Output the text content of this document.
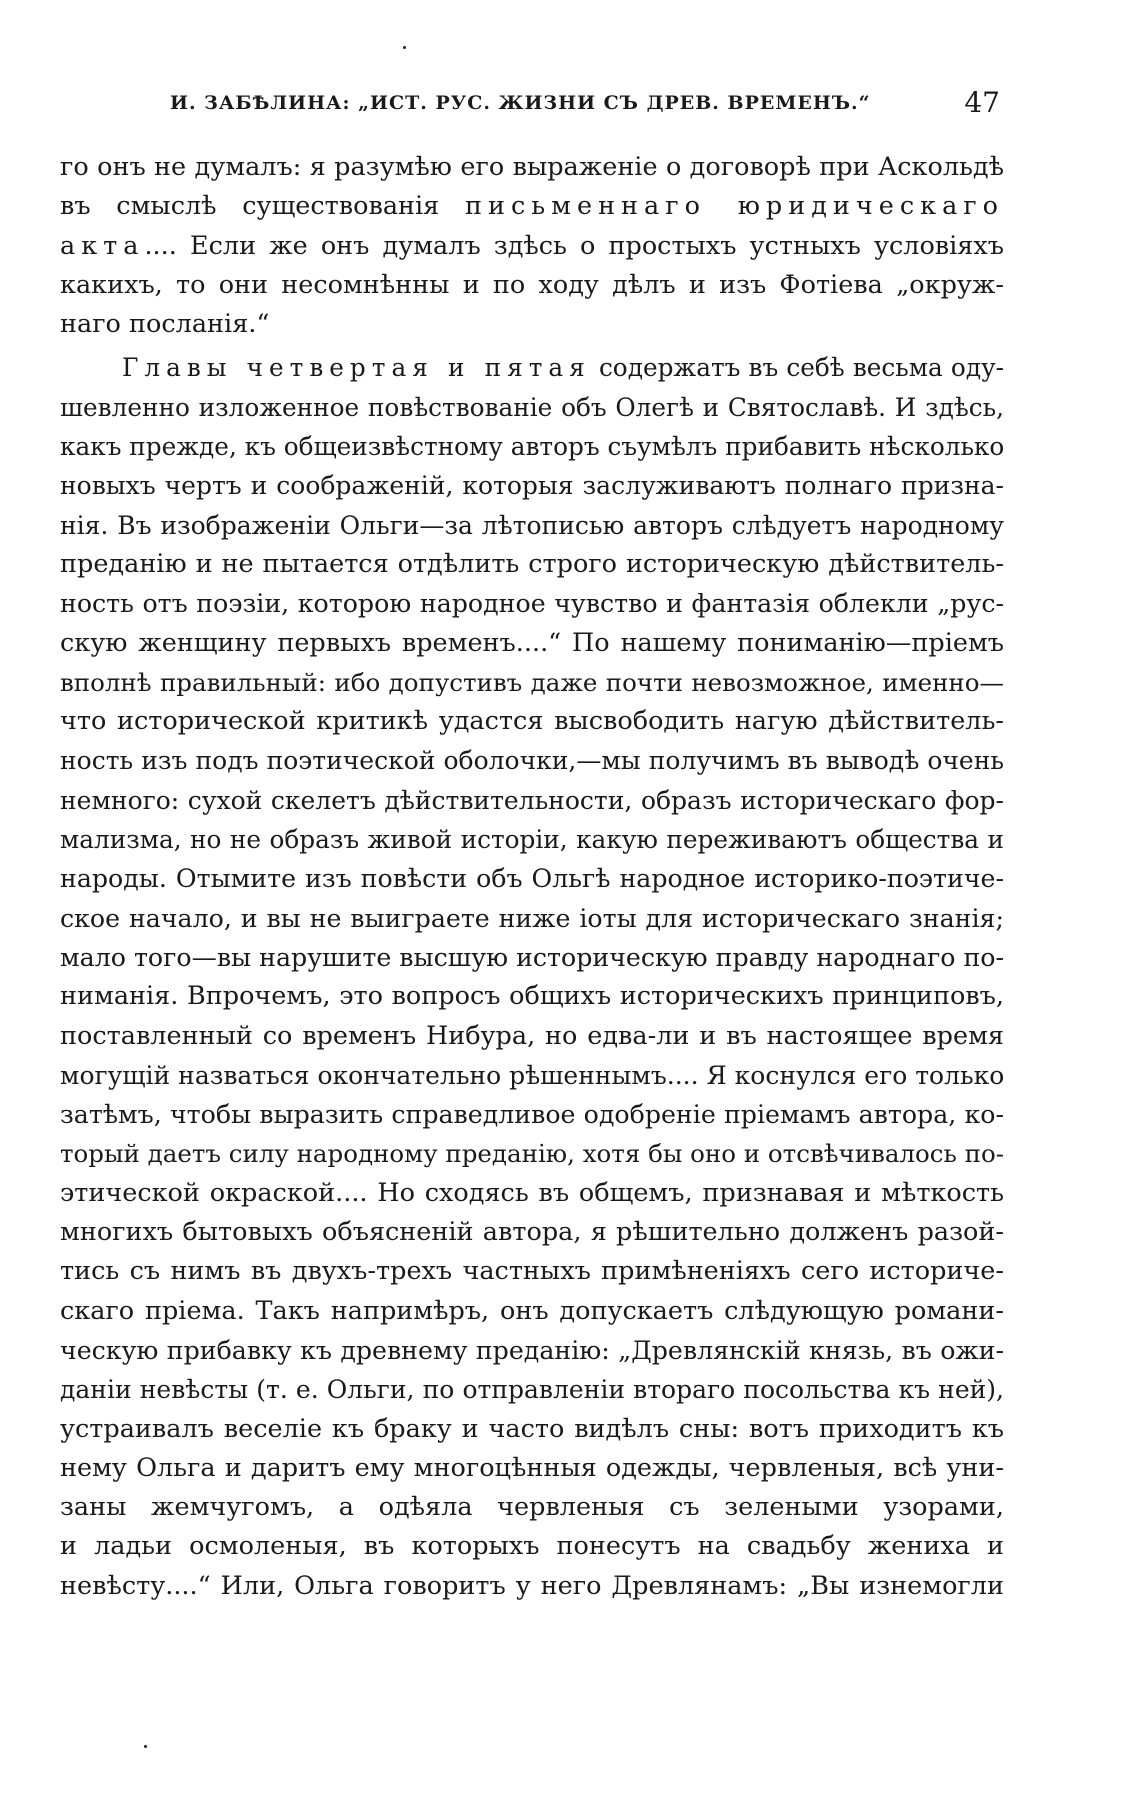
И. ЗАБѢЛИНА: „ИСТ. РУС. ЖИЗНИ СЪ ДРЕВ. ВРЕМЕНЪ.“	47
го онъ не думалъ: я разумѣю его выраженіе о договорѣ при Аскольдѣ
въ смыслѣ существованія письменнаго юридическаго
акта.... Если же онъ думалъ здѣсь о простыхъ устныхъ условіяхъ
какихъ, то они несомнѣнны и по ходу дѣлъ и изъ Фотіева „окруж-
наго посланія.“
Главы четвертая и пятая содержатъ въ себѣ весьма оду-
шевленно изложенное повѣствованіе объ Олегѣ и Святославѣ. И здѣсь,
какъ прежде, къ общеизвѣстному авторъ съумѣлъ прибавить нѣсколько
новыхъ чертъ и соображеній, которыя заслуживаютъ полнаго призна-
нія. Въ изображеніи Ольги—за лѣтописью авторъ слѣдуетъ народному
преданію и не пытается отдѣлить строго историческую дѣйствитель-
ность отъ поэзіи, которою народное чувство и фантазія облекли „рус-
скую женщину первыхъ временъ....“ По нашему пониманію—пріемъ
вполнѣ правильный: ибо допустивъ даже почти невозможное, именно—
что исторической критикѣ удастся высвободить нагую дѣйствитель-
ность изъ подъ поэтической оболочки,—мы получимъ въ выводѣ очень
немного: сухой скелетъ дѣйствительности, образъ историческаго фор-
мализма, но не образъ живой исторіи, какую переживаютъ общества и
народы. Отымите изъ повѣсти объ Ольгѣ народное историко-поэтиче-
ское начало, и вы не выиграете ниже іоты для историческаго знанія;
мало того—вы нарушите высшую историческую правду народнаго по-
ниманія. Впрочемъ, это вопросъ общихъ историческихъ принциповъ,
поставленный со временъ Нибура, но едва-ли и въ настоящее время
могущій назваться окончательно рѣшеннымъ.... Я коснулся его только
затѣмъ, чтобы выразить справедливое одобреніе пріемамъ автора, ко-
торый даетъ силу народному преданію, хотя бы оно и отсвѣчивалось по-
этической окраской.... Но сходясь въ общемъ, признавая и мѣткость
многихъ бытовыхъ объясненій автора, я рѣшительно долженъ разой-
тись съ нимъ въ двухъ-трехъ частныхъ примѣненіяхъ сего историче-
скаго пріема. Такъ напримѣръ, онъ допускаетъ слѣдующую романи-
ческую прибавку къ древнему преданію: „Древлянскій князь, въ ожи-
даніи невѣсты (т. е. Ольги, по отправленіи втораго посольства къ ней),
устраивалъ веселіе къ браку и часто видѣлъ сны: вотъ приходитъ къ
нему Ольга и даритъ ему многоцѣнныя одежды, червленыя, всѣ уни-
заны жемчугомъ, а одѣяла червленыя съ зелеными узорами,
и ладьи осмоленыя, въ которыхъ понесутъ на свадьбу жениха и
невѣсту....“ Или, Ольга говоритъ у него Древлянамъ: „Вы изнемогли
